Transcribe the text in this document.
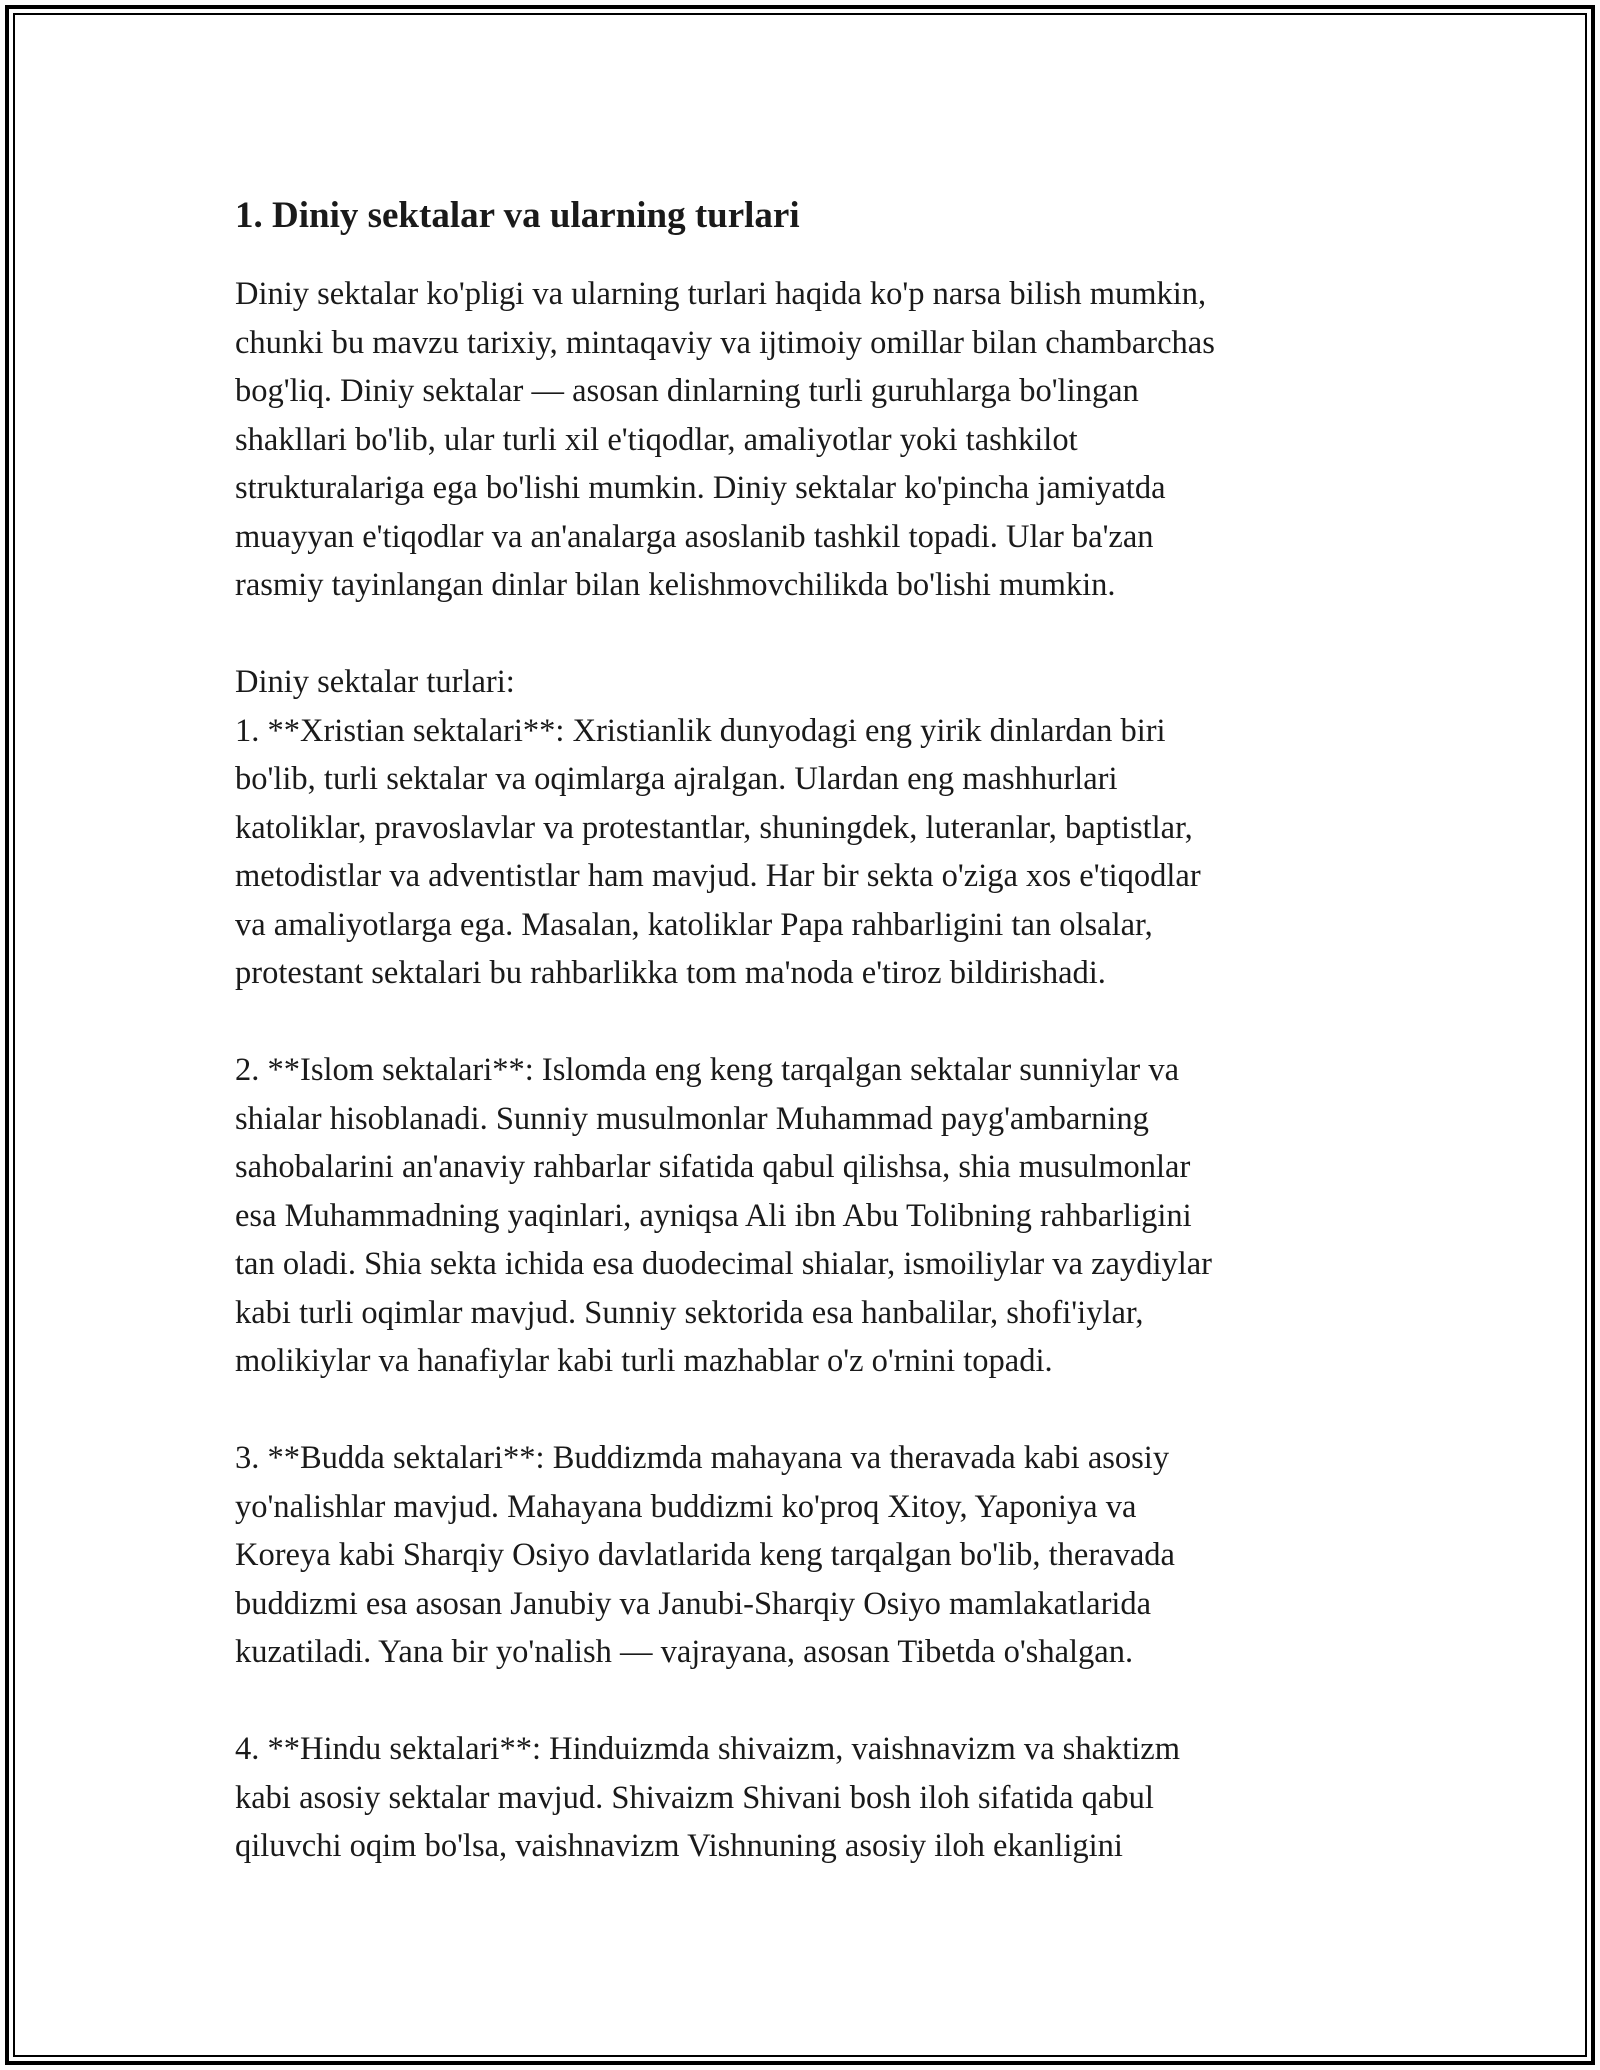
1. Diniy sektalar va ularning turlari

Diniy sektalar ko'pligi va ularning turlari haqida ko'p narsa bilish mumkin,
chunki bu mavzu tarixiy, mintaqaviy va ijtimoiy omillar bilan chambarchas
bog'liq. Diniy sektalar — asosan dinlarning turli guruhlarga bo'lingan
shakllari bo'lib, ular turli xil e'tiqodlar, amaliyotlar yoki tashkilot
strukturalariga ega bo'lishi mumkin. Diniy sektalar ko'pincha jamiyatda
muayyan e'tiqodlar va an'analarga asoslanib tashkil topadi. Ular ba'zan
rasmiy tayinlangan dinlar bilan kelishmovchilikda bo'lishi mumkin.

Diniy sektalar turlari:
1. **Xristian sektalari**: Xristianlik dunyodagi eng yirik dinlardan biri
bo'lib, turli sektalar va oqimlarga ajralgan. Ulardan eng mashhurlari
katoliklar, pravoslavlar va protestantlar, shuningdek, luteranlar, baptistlar,
metodistlar va adventistlar ham mavjud. Har bir sekta o'ziga xos e'tiqodlar
va amaliyotlarga ega. Masalan, katoliklar Papa rahbarligini tan olsalar,
protestant sektalari bu rahbarlikka tom ma'noda e'tiroz bildirishadi.

2. **Islom sektalari**: Islomda eng keng tarqalgan sektalar sunniylar va
shialar hisoblanadi. Sunniy musulmonlar Muhammad payg'ambarning
sahobalarini an'anaviy rahbarlar sifatida qabul qilishsa, shia musulmonlar
esa Muhammadning yaqinlari, ayniqsa Ali ibn Abu Tolibning rahbarligini
tan oladi. Shia sekta ichida esa duodecimal shialar, ismoiliylar va zaydiylar
kabi turli oqimlar mavjud. Sunniy sektorida esa hanbalilar, shofi'iylar,
molikiylar va hanafiylar kabi turli mazhablar o'z o'rnini topadi.

3. **Budda sektalari**: Buddizmda mahayana va theravada kabi asosiy
yo'nalishlar mavjud. Mahayana buddizmi ko'proq Xitoy, Yaponiya va
Koreya kabi Sharqiy Osiyo davlatlarida keng tarqalgan bo'lib, theravada
buddizmi esa asosan Janubiy va Janubi-Sharqiy Osiyo mamlakatlarida
kuzatiladi. Yana bir yo'nalish — vajrayana, asosan Tibetda o'shalgan.

4. **Hindu sektalari**: Hinduizmda shivaizm, vaishnavizm va shaktizm
kabi asosiy sektalar mavjud. Shivaizm Shivani bosh iloh sifatida qabul
qiluvchi oqim bo'lsa, vaishnavizm Vishnuning asosiy iloh ekanligini
